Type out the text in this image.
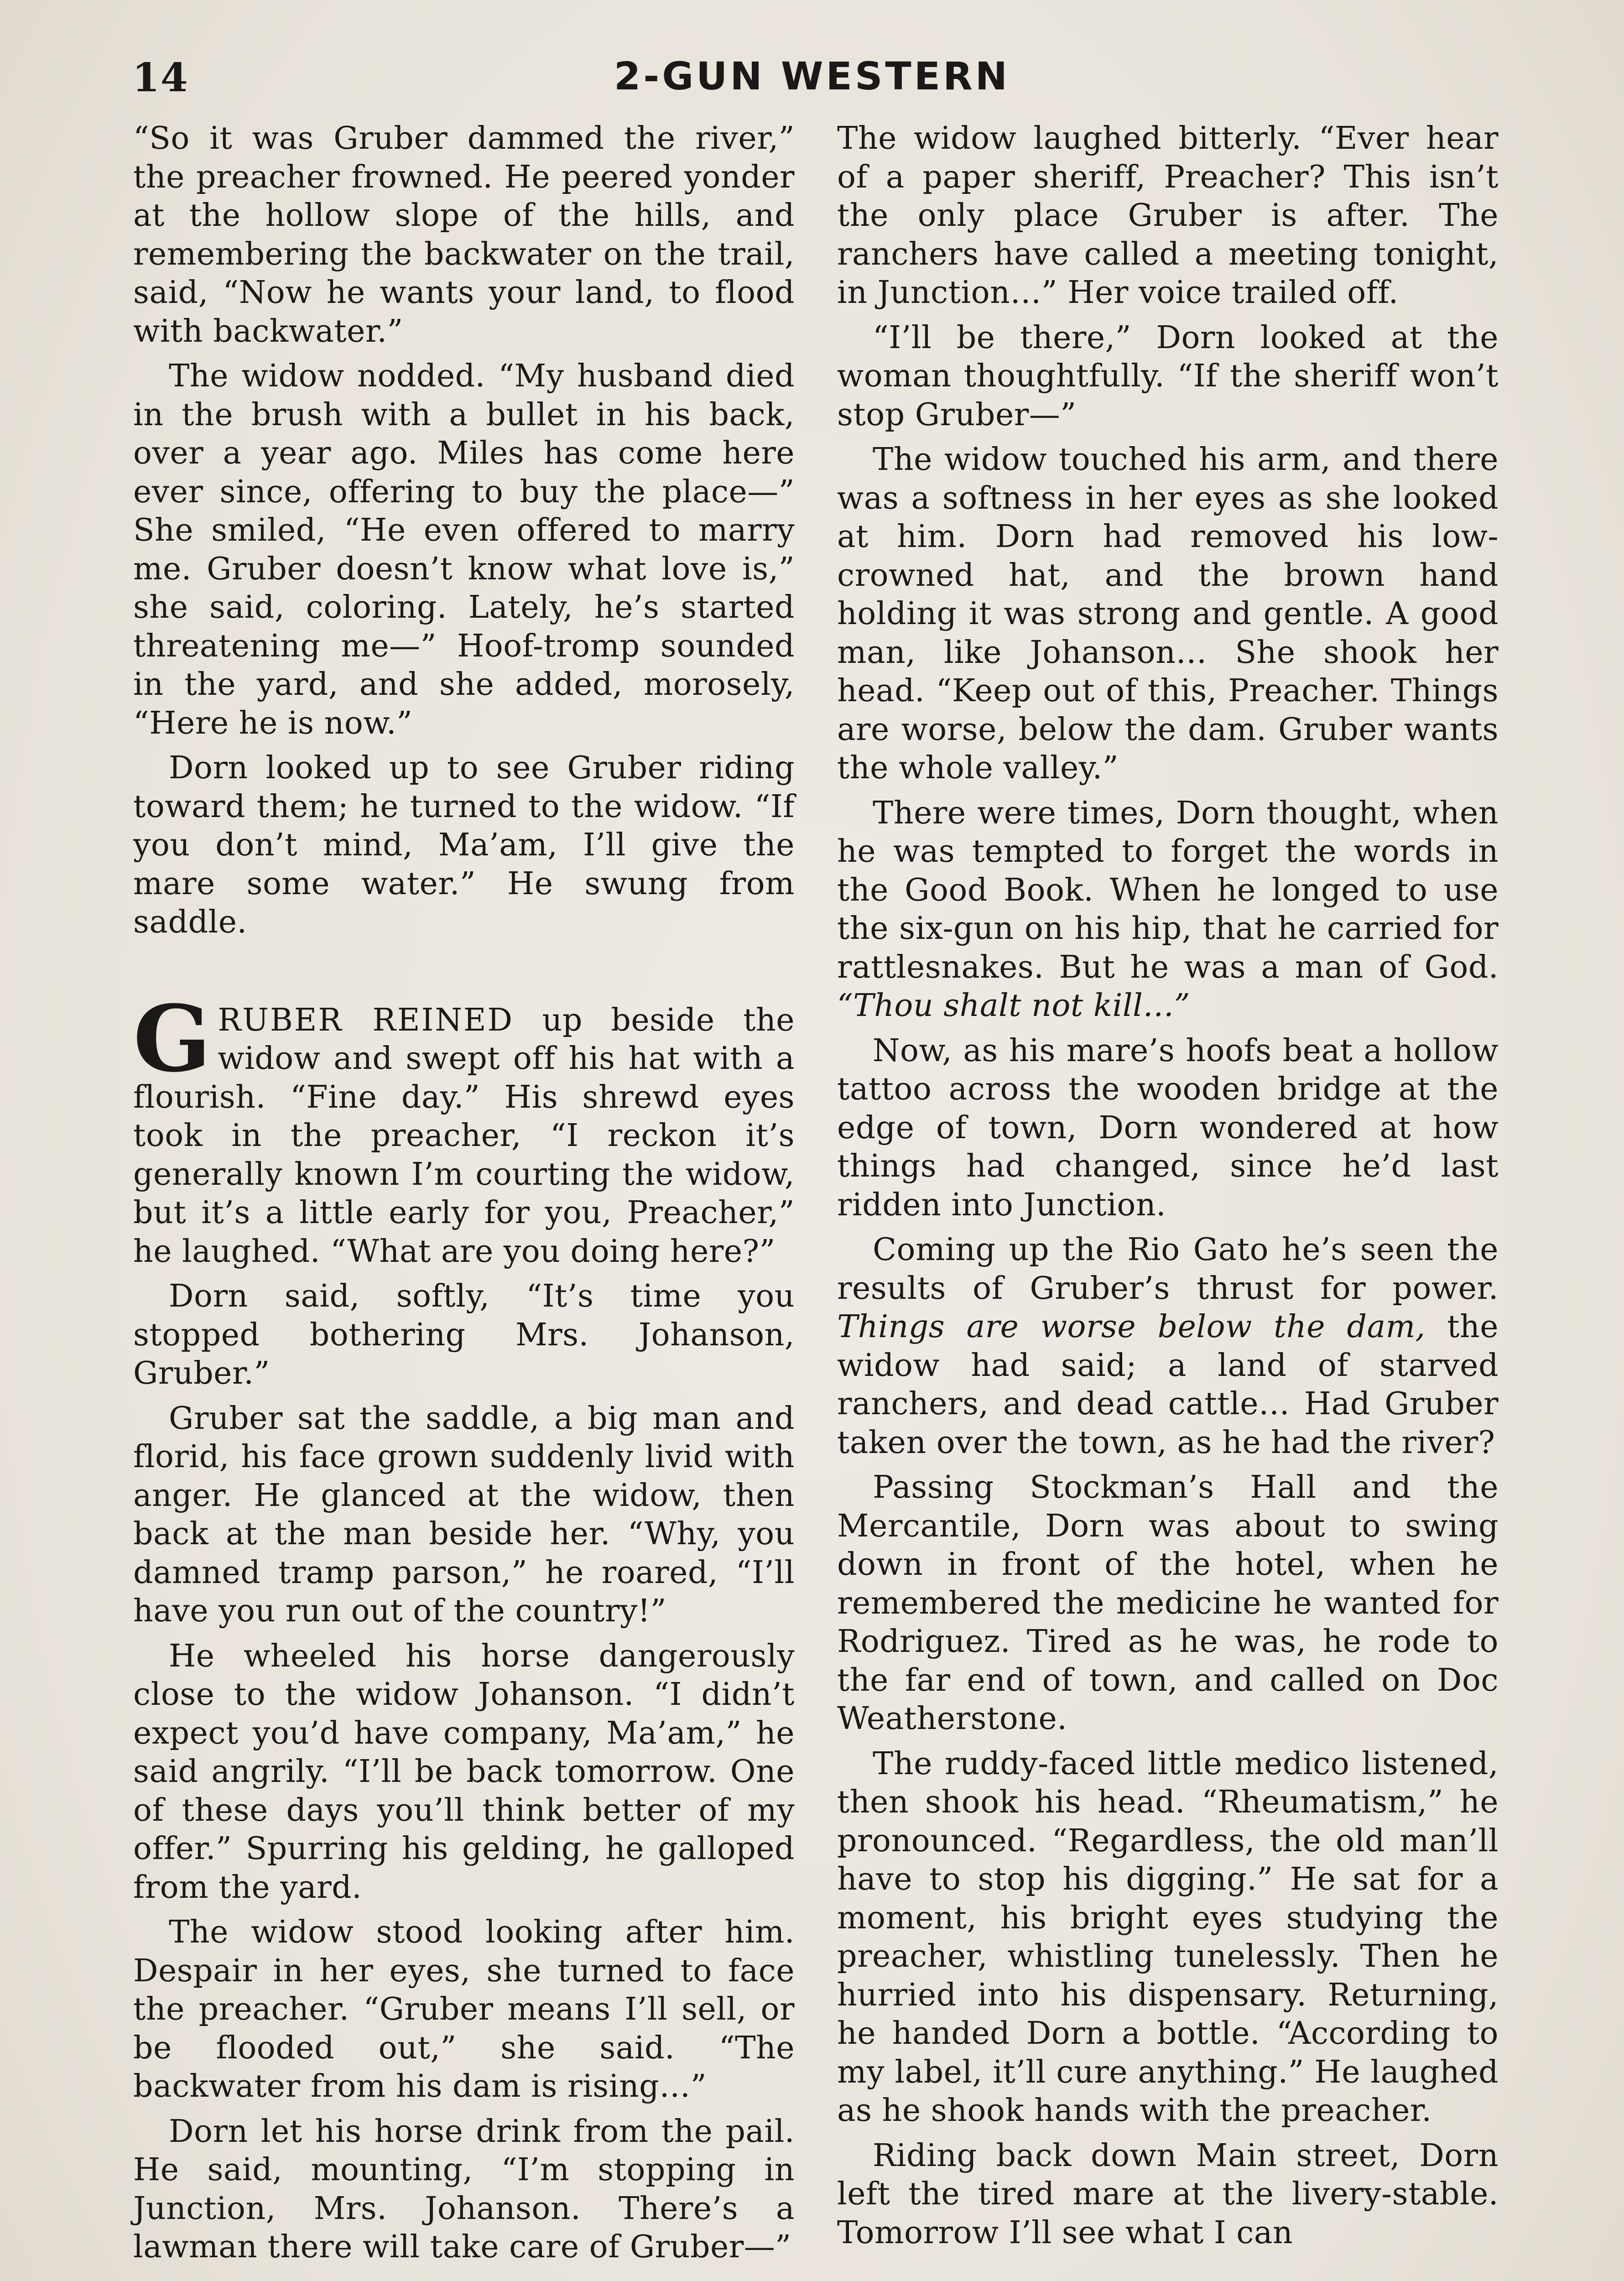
14	2-GUN WESTERN

“So it was Gruber dammed the river,” the preacher frowned. He peered yonder at the hollow slope of the hills, and remembering the backwater on the trail, said, “Now he wants your land, to flood with backwater.”

The widow nodded. “My husband died in the brush with a bullet in his back, over a year ago. Miles has come here ever since, offering to buy the place—” She smiled, “He even offered to marry me. Gruber doesn’t know what love is,” she said, coloring. Lately, he’s started threatening me—” Hoof-tromp sounded in the yard, and she added, morosely, “Here he is now.”

Dorn looked up to see Gruber riding toward them; he turned to the widow. “If you don’t mind, Ma’am, I’ll give the mare some water.” He swung from saddle.

GRUBER REINED up beside the widow and swept off his hat with a flourish. “Fine day.” His shrewd eyes took in the preacher, “I reckon it’s generally known I’m courting the widow, but it’s a little early for you, Preacher,” he laughed. “What are you doing here?”

Dorn said, softly, “It’s time you stopped bothering Mrs. Johanson, Gruber.”

Gruber sat the saddle, a big man and florid, his face grown suddenly livid with anger. He glanced at the widow, then back at the man beside her. “Why, you damned tramp parson,” he roared, “I’ll have you run out of the country!”

He wheeled his horse dangerously close to the widow Johanson. “I didn’t expect you’d have company, Ma’am,” he said angrily. “I’ll be back tomorrow. One of these days you’ll think better of my offer.” Spurring his gelding, he galloped from the yard.

The widow stood looking after him. Despair in her eyes, she turned to face the preacher. “Gruber means I’ll sell, or be flooded out,” she said. “The backwater from his dam is rising…”

Dorn let his horse drink from the pail. He said, mounting, “I’m stopping in Junction, Mrs. Johanson. There’s a lawman there will take care of Gruber—”

The widow laughed bitterly. “Ever hear of a paper sheriff, Preacher? This isn’t the only place Gruber is after. The ranchers have called a meeting tonight, in Junction…” Her voice trailed off.

“I’ll be there,” Dorn looked at the woman thoughtfully. “If the sheriff won’t stop Gruber—”

The widow touched his arm, and there was a softness in her eyes as she looked at him. Dorn had removed his low-crowned hat, and the brown hand holding it was strong and gentle. A good man, like Johanson… She shook her head. “Keep out of this, Preacher. Things are worse, below the dam. Gruber wants the whole valley.”

There were times, Dorn thought, when he was tempted to forget the words in the Good Book. When he longed to use the six-gun on his hip, that he carried for rattlesnakes. But he was a man of God. “Thou shalt not kill…”

Now, as his mare’s hoofs beat a hollow tattoo across the wooden bridge at the edge of town, Dorn wondered at how things had changed, since he’d last ridden into Junction.

Coming up the Rio Gato he’s seen the results of Gruber’s thrust for power. Things are worse below the dam, the widow had said; a land of starved ranchers, and dead cattle… Had Gruber taken over the town, as he had the river?

Passing Stockman’s Hall and the Mercantile, Dorn was about to swing down in front of the hotel, when he remembered the medicine he wanted for Rodriguez. Tired as he was, he rode to the far end of town, and called on Doc Weatherstone.

The ruddy-faced little medico listened, then shook his head. “Rheumatism,” he pronounced. “Regardless, the old man’ll have to stop his digging.” He sat for a moment, his bright eyes studying the preacher, whistling tunelessly. Then he hurried into his dispensary. Returning, he handed Dorn a bottle. “According to my label, it’ll cure anything.” He laughed as he shook hands with the preacher.

Riding back down Main street, Dorn left the tired mare at the livery-stable. Tomorrow I’ll see what I can
